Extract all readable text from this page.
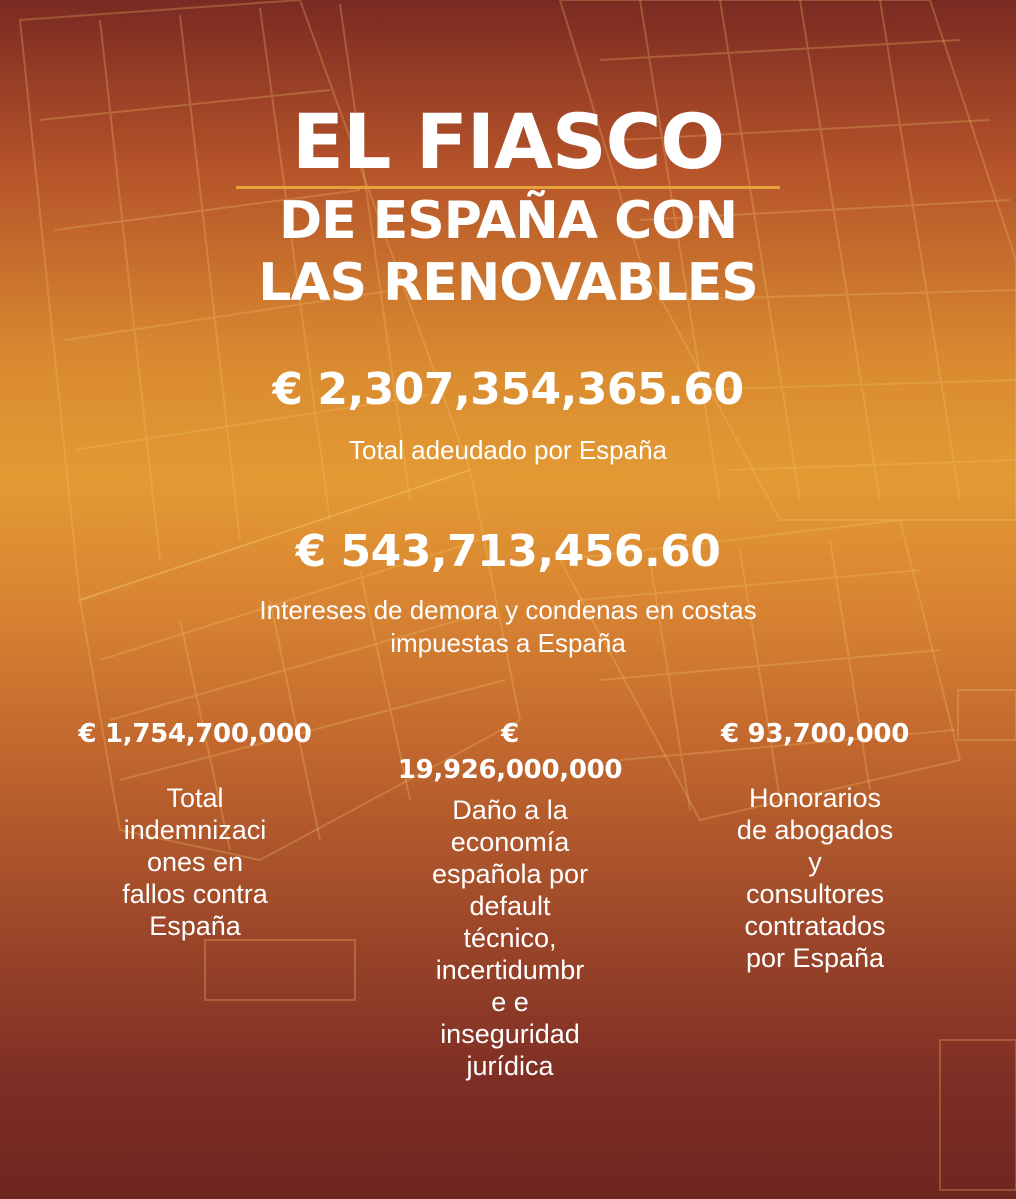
EL FIASCO
DE ESPAÑA CON
LAS RENOVABLES
€ 2,307,354,365.60
Total adeudado por España
€ 543,713,456.60
Intereses de demora y condenas en costas
impuestas a España
€ 1,754,700,000
Total
indemnizaci
ones en
fallos contra
España
€
19,926,000,000
Daño a la
economía
española por
default
técnico,
incertidumbr
e e
inseguridad
jurídica
€ 93,700,000
Honorarios
de abogados
y
consultores
contratados
por España
